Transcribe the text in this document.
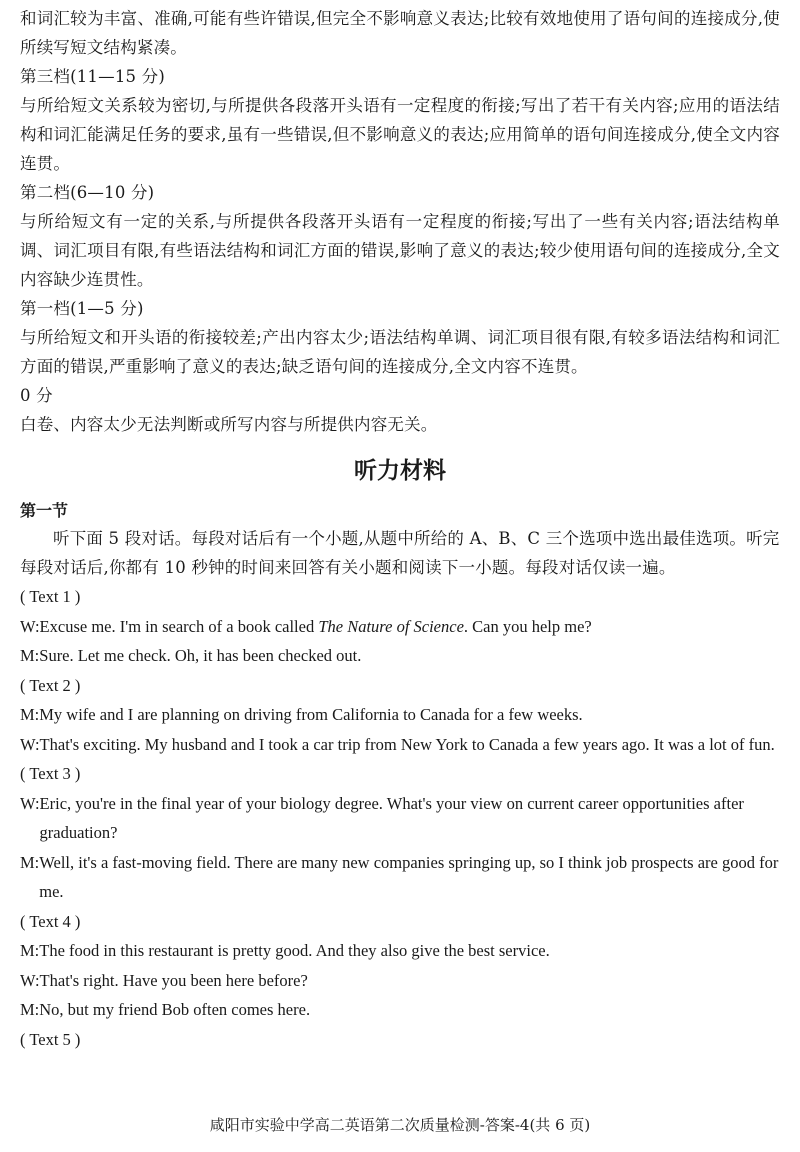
和词汇较为丰富、准确,可能有些许错误,但完全不影响意义表达;比较有效地使用了语句间的连接成分,使所续写短文结构紧凑。

第三档(11—15 分)

与所给短文关系较为密切,与所提供各段落开头语有一定程度的衔接;写出了若干有关内容;应用的语法结构和词汇能满足任务的要求,虽有一些错误,但不影响意义的表达;应用简单的语句间连接成分,使全文内容连贯。

第二档(6—10 分)

与所给短文有一定的关系,与所提供各段落开头语有一定程度的衔接;写出了一些有关内容;语法结构单调、词汇项目有限,有些语法结构和词汇方面的错误,影响了意义的表达;较少使用语句间的连接成分,全文内容缺少连贯性。

第一档(1—5 分)

与所给短文和开头语的衔接较差;产出内容太少;语法结构单调、词汇项目很有限,有较多语法结构和词汇方面的错误,严重影响了意义的表达;缺乏语句间的连接成分,全文内容不连贯。

0 分

白卷、内容太少无法判断或所写内容与所提供内容无关。

听力材料

第一节

听下面 5 段对话。每段对话后有一个小题,从题中所给的 A、B、C 三个选项中选出最佳选项。听完每段对话后,你都有 10 秒钟的时间来回答有关小题和阅读下一小题。每段对话仅读一遍。

( Text 1 )

W: Excuse me. I'm in search of a book called The Nature of Science. Can you help me?
M: Sure. Let me check. Oh, it has been checked out.

( Text 2 )

M: My wife and I are planning on driving from California to Canada for a few weeks.
W: That's exciting. My husband and I took a car trip from New York to Canada a few years ago. It was a lot of fun.

( Text 3 )

W: Eric, you're in the final year of your biology degree. What's your view on current career opportunities after graduation?
M: Well, it's a fast-moving field. There are many new companies springing up, so I think job prospects are good for me.

( Text 4 )

M: The food in this restaurant is pretty good. And they also give the best service.
W: That's right. Have you been here before?
M: No, but my friend Bob often comes here.

( Text 5 )

咸阳市实验中学高二英语第二次质量检测-答案-4(共 6 页)
